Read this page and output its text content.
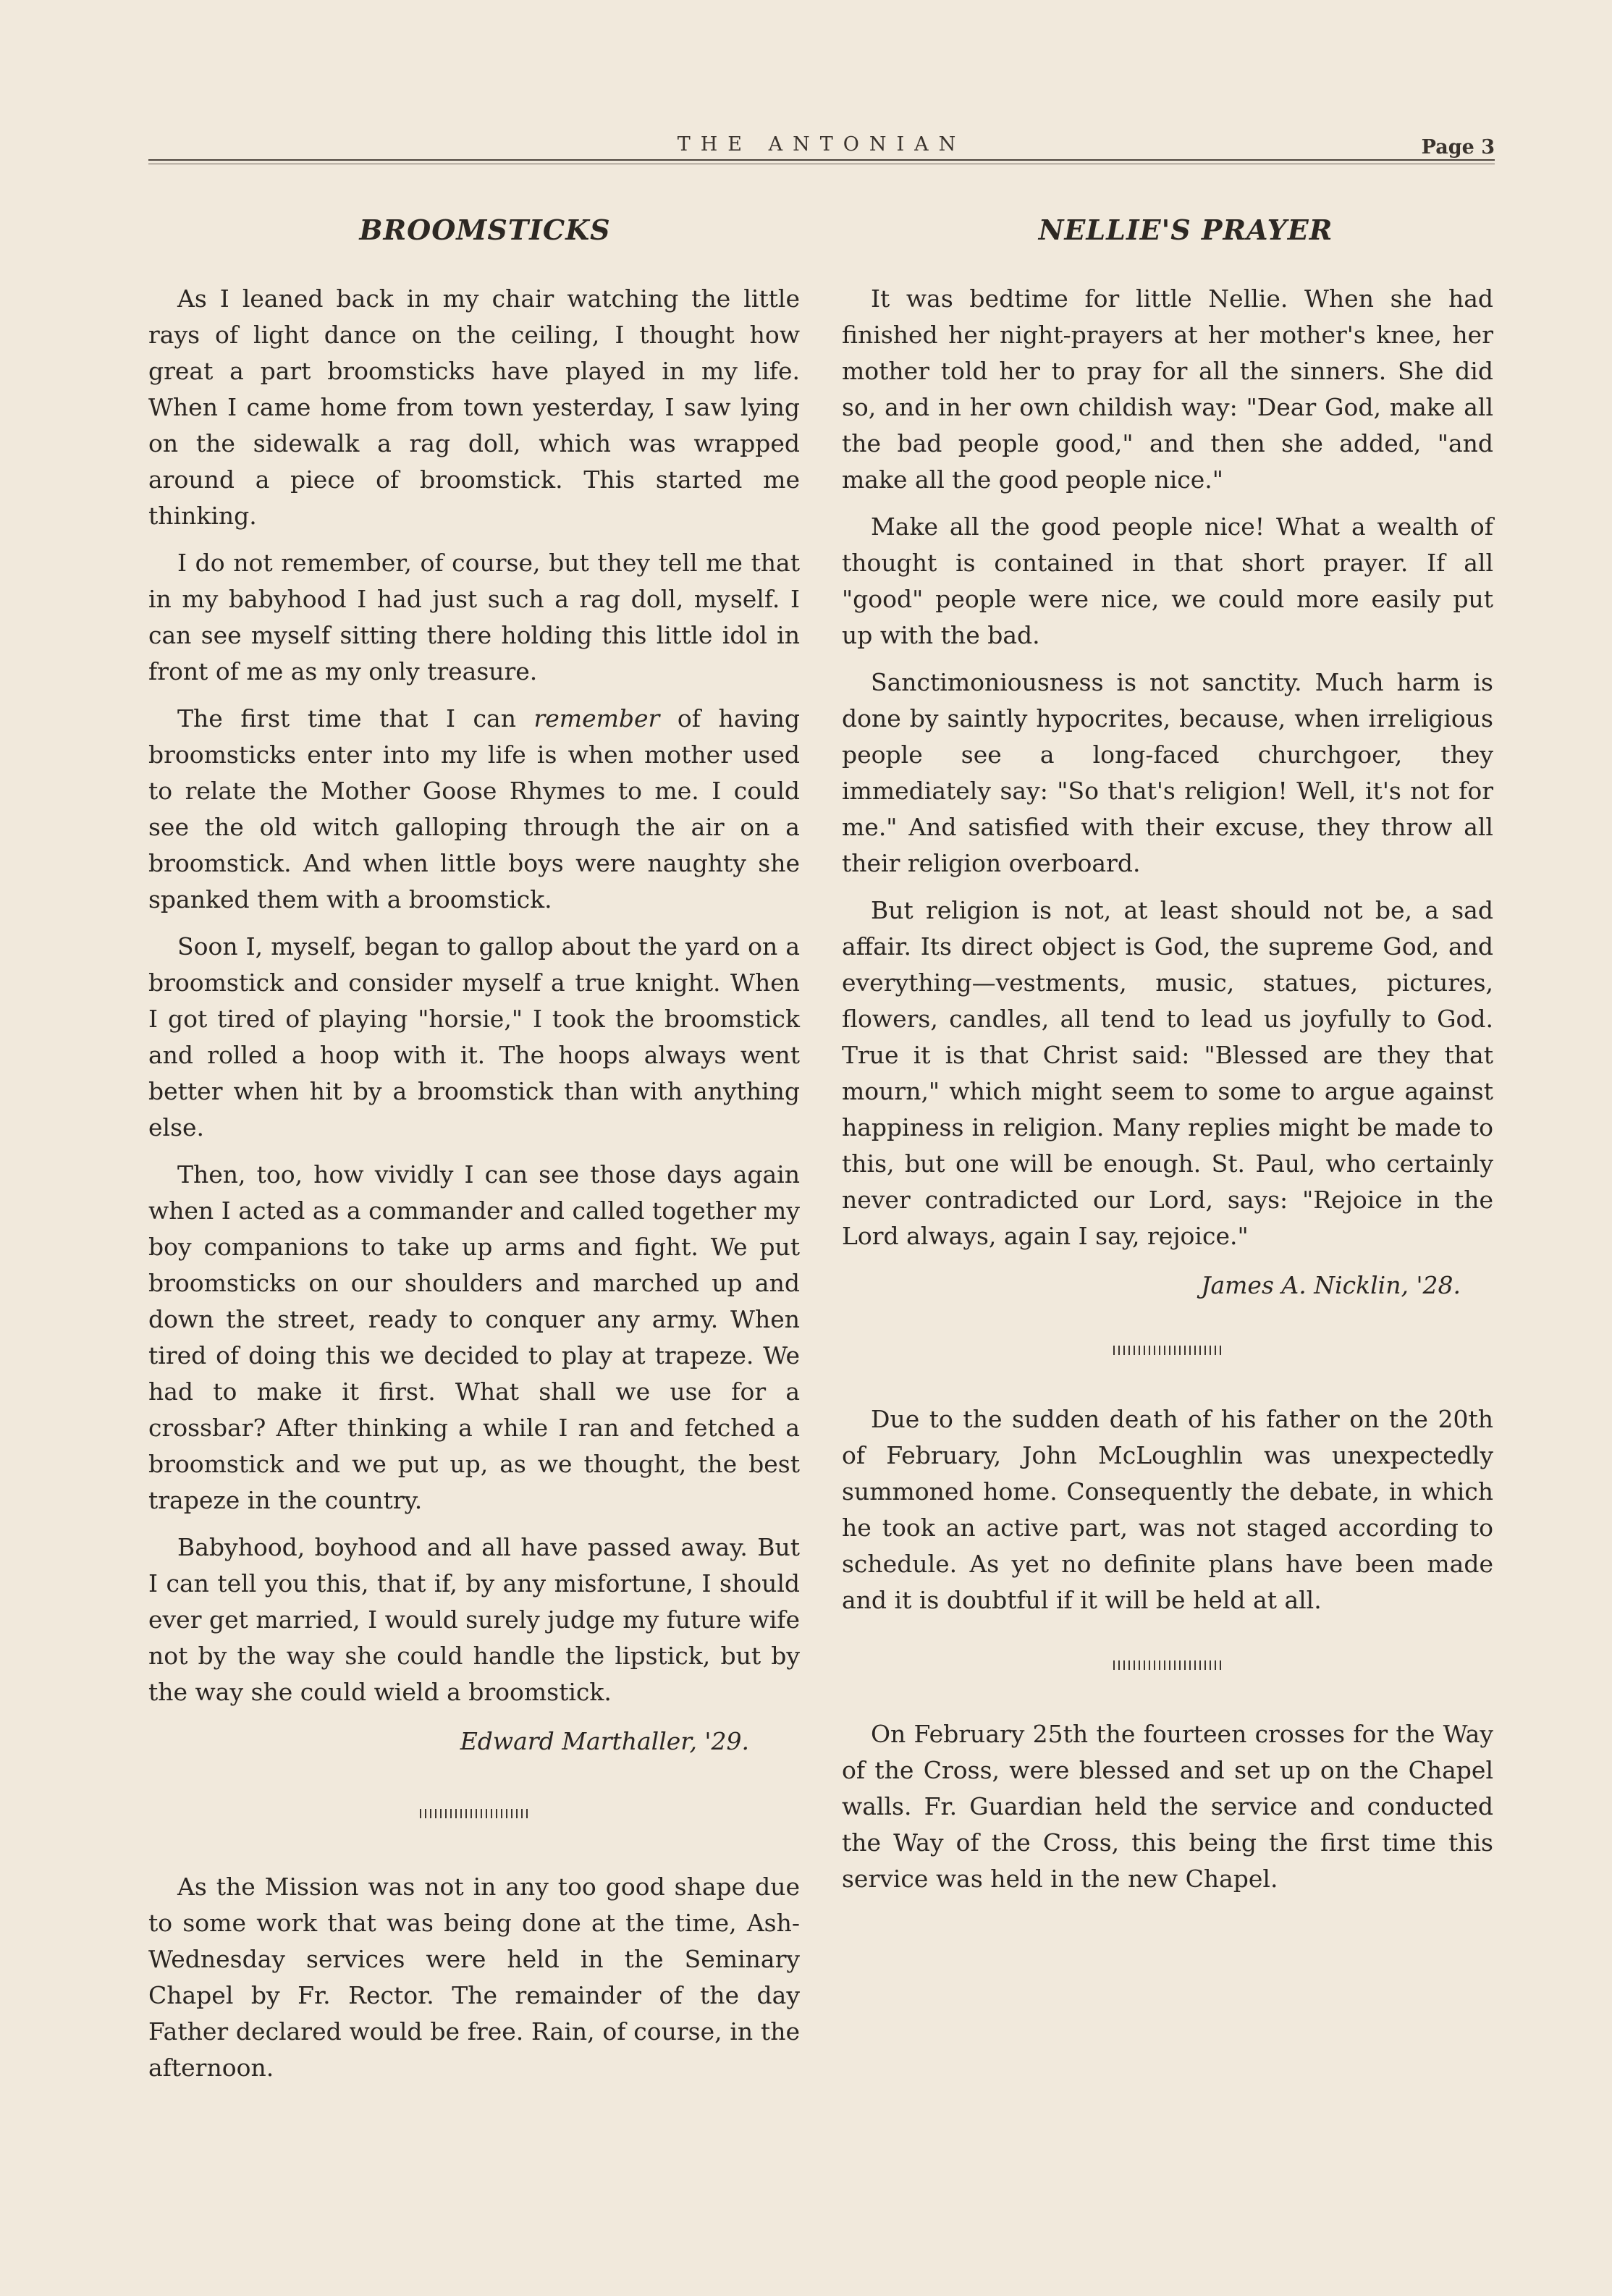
THE ANTONIAN	Page 3
BROOMSTICKS

As I leaned back in my chair watching the little rays of light dance on the ceiling, I thought how great a part broomsticks have played in my life. When I came home from town yesterday, I saw lying on the sidewalk a rag doll, which was wrapped around a piece of broomstick. This started me thinking.

I do not remember, of course, but they tell me that in my babyhood I had just such a rag doll, myself. I can see myself sitting there holding this little idol in front of me as my only treasure.

The first time that I can remember of having broomsticks enter into my life is when mother used to relate the Mother Goose Rhymes to me. I could see the old witch galloping through the air on a broomstick. And when little boys were naughty she spanked them with a broomstick.

Soon I, myself, began to gallop about the yard on a broomstick and consider myself a true knight. When I got tired of playing "horsie," I took the broomstick and rolled a hoop with it. The hoops always went better when hit by a broomstick than with anything else.

Then, too, how vividly I can see those days again when I acted as a commander and called together my boy companions to take up arms and fight. We put broomsticks on our shoulders and marched up and down the street, ready to conquer any army. When tired of doing this we decided to play at trapeze. We had to make it first. What shall we use for a crossbar? After thinking a while I ran and fetched a broomstick and we put up, as we thought, the best trapeze in the country.

Babyhood, boyhood and all have passed away. But I can tell you this, that if, by any misfortune, I should ever get married, I would surely judge my future wife not by the way she could handle the lipstick, but by the way she could wield a broomstick.

Edward Marthaller, '29.

As the Mission was not in any too good shape due to some work that was being done at the time, Ash-Wednesday services were held in the Seminary Chapel by Fr. Rector. The remainder of the day Father declared would be free. Rain, of course, in the afternoon.

NELLIE'S PRAYER

It was bedtime for little Nellie. When she had finished her night-prayers at her mother's knee, her mother told her to pray for all the sinners. She did so, and in her own childish way: "Dear God, make all the bad people good," and then she added, "and make all the good people nice."

Make all the good people nice! What a wealth of thought is contained in that short prayer. If all "good" people were nice, we could more easily put up with the bad.

Sanctimoniousness is not sanctity. Much harm is done by saintly hypocrites, because, when irreligious people see a long-faced churchgoer, they immediately say: "So that's religion! Well, it's not for me." And satisfied with their excuse, they throw all their religion overboard.

But religion is not, at least should not be, a sad affair. Its direct object is God, the supreme God, and everything—vestments, music, statues, pictures, flowers, candles, all tend to lead us joyfully to God. True it is that Christ said: "Blessed are they that mourn," which might seem to some to argue against happiness in religion. Many replies might be made to this, but one will be enough. St. Paul, who certainly never contradicted our Lord, says: "Rejoice in the Lord always, again I say, rejoice."

James A. Nicklin, '28.

Due to the sudden death of his father on the 20th of February, John McLoughlin was unexpectedly summoned home. Consequently the debate, in which he took an active part, was not staged according to schedule. As yet no definite plans have been made and it is doubtful if it will be held at all.

On February 25th the fourteen crosses for the Way of the Cross, were blessed and set up on the Chapel walls. Fr. Guardian held the service and conducted the Way of the Cross, this being the first time this service was held in the new Chapel.
